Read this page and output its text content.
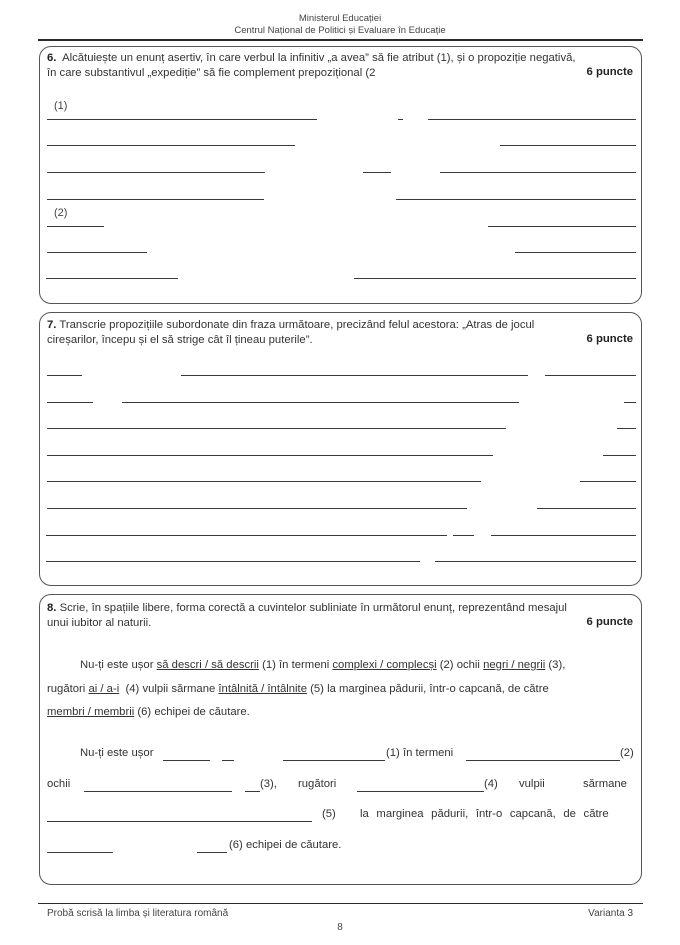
Ministerul Educației
Centrul Național de Politici și Evaluare în Educație
6. Alcătuiește un enunț asertiv, în care verbul la infinitiv „a avea” să fie atribut (1), și o propoziție negativă,
în care substantivul „expediție” să fie complement prepozițional (2	6 puncte
(1)
(2)
7. Transcrie propozițiile subordonate din fraza următoare, precizând felul acestora: „Atras de jocul
cireșarilor, începu și el să strige cât îl țineau puterile”.	6 puncte
8. Scrie, în spațiile libere, forma corectă a cuvintelor subliniate în următorul enunț, reprezentând mesajul
unui iubitor al naturii.	6 puncte
Nu-ți este ușor să descri / să descrii (1) în termeni complexi / complecși (2) ochii negri / negrii (3),
rugători ai / a-i  (4) vulpii sărmane întâlnită / întâlnite (5) la marginea pădurii, într-o capcană, de către
membri / membrii (6) echipei de căutare.
Nu-ți este ușor	(1) în termeni	(2)
ochii	(3), rugători	(4) vulpii	sărmane
(5) la marginea pădurii, într-o capcană, de către
(6) echipei de căutare.
Probă scrisă la limba și literatura română	Varianta 3
8
